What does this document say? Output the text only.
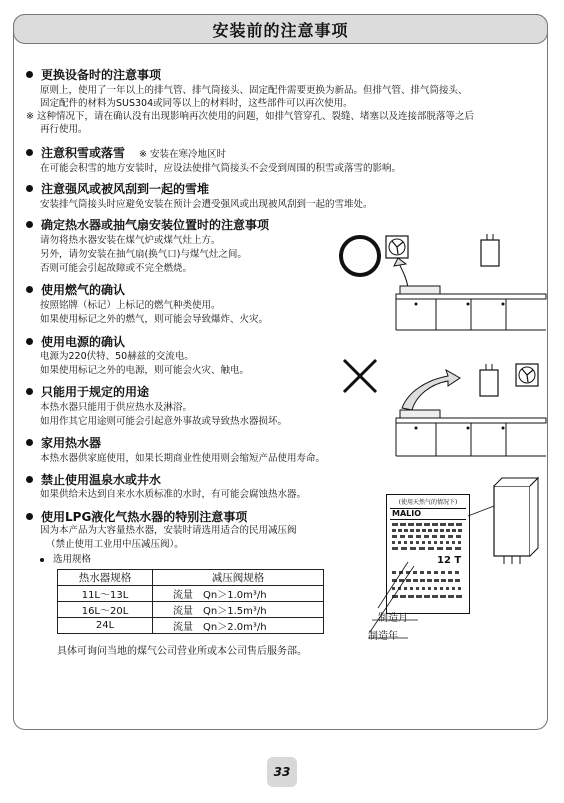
安装前的注意事项
更换设备时的注意事项
原则上，使用了一年以上的排气管、排气筒接头、固定配件需要更换为新品。但排气管、排气筒接头、
固定配件的材料为SUS304或同等以上的材料时，这些部件可以再次使用。
※ 这种情况下，请在确认没有出现影响再次使用的问题，如排气管穿孔、裂缝、堵塞以及连接部脱落等之后
再行使用。
注意积雪或落雪 ※ 安装在寒冷地区时
在可能会积雪的地方安装时，应设法使排气筒接头不会受到周围的积雪或落雪的影响。
注意强风或被风刮到一起的雪堆
安装排气筒接头时应避免安装在预计会遭受强风或出现被风刮到一起的雪堆处。
确定热水器或抽气扇安装位置时的注意事项
请勿将热水器安装在煤气炉或煤气灶上方。
另外，请勿安装在抽气扇(换气口)与煤气灶之间。
否则可能会引起故障或不完全燃烧。
使用燃气的确认
按照铭牌（标记）上标记的燃气种类使用。
如果使用标记之外的燃气，则可能会导致爆炸、火灾。
使用电源的确认
电源为220伏特、50赫兹的交流电。
如果使用标记之外的电源，则可能会火灾、触电。
只能用于规定的用途
本热水器只能用于供应热水及淋浴。
如用作其它用途则可能会引起意外事故或导致热水器损坏。
家用热水器
本热水器供家庭使用，如果长期商业性使用则会缩短产品使用寿命。
禁止使用温泉水或井水
如果供给未达到自来水水质标准的水时，有可能会腐蚀热水器。
使用LPG液化气热水器的特别注意事项
因为本产品为大容量热水器，安装时请选用适合的民用减压阀
（禁止使用工业用中压减压阀）。
选用规格
热水器规格	减压阀规格
11L～13L	流量　Qn＞1.0m³/h
16L～20L	流量　Qn＞1.5m³/h
24L	流量　Qn＞2.0m³/h
具体可询问当地的煤气公司营业所或本公司售后服务部。
(使用天然气的情况下)
MALIO
12 T
制造月
制造年
33
